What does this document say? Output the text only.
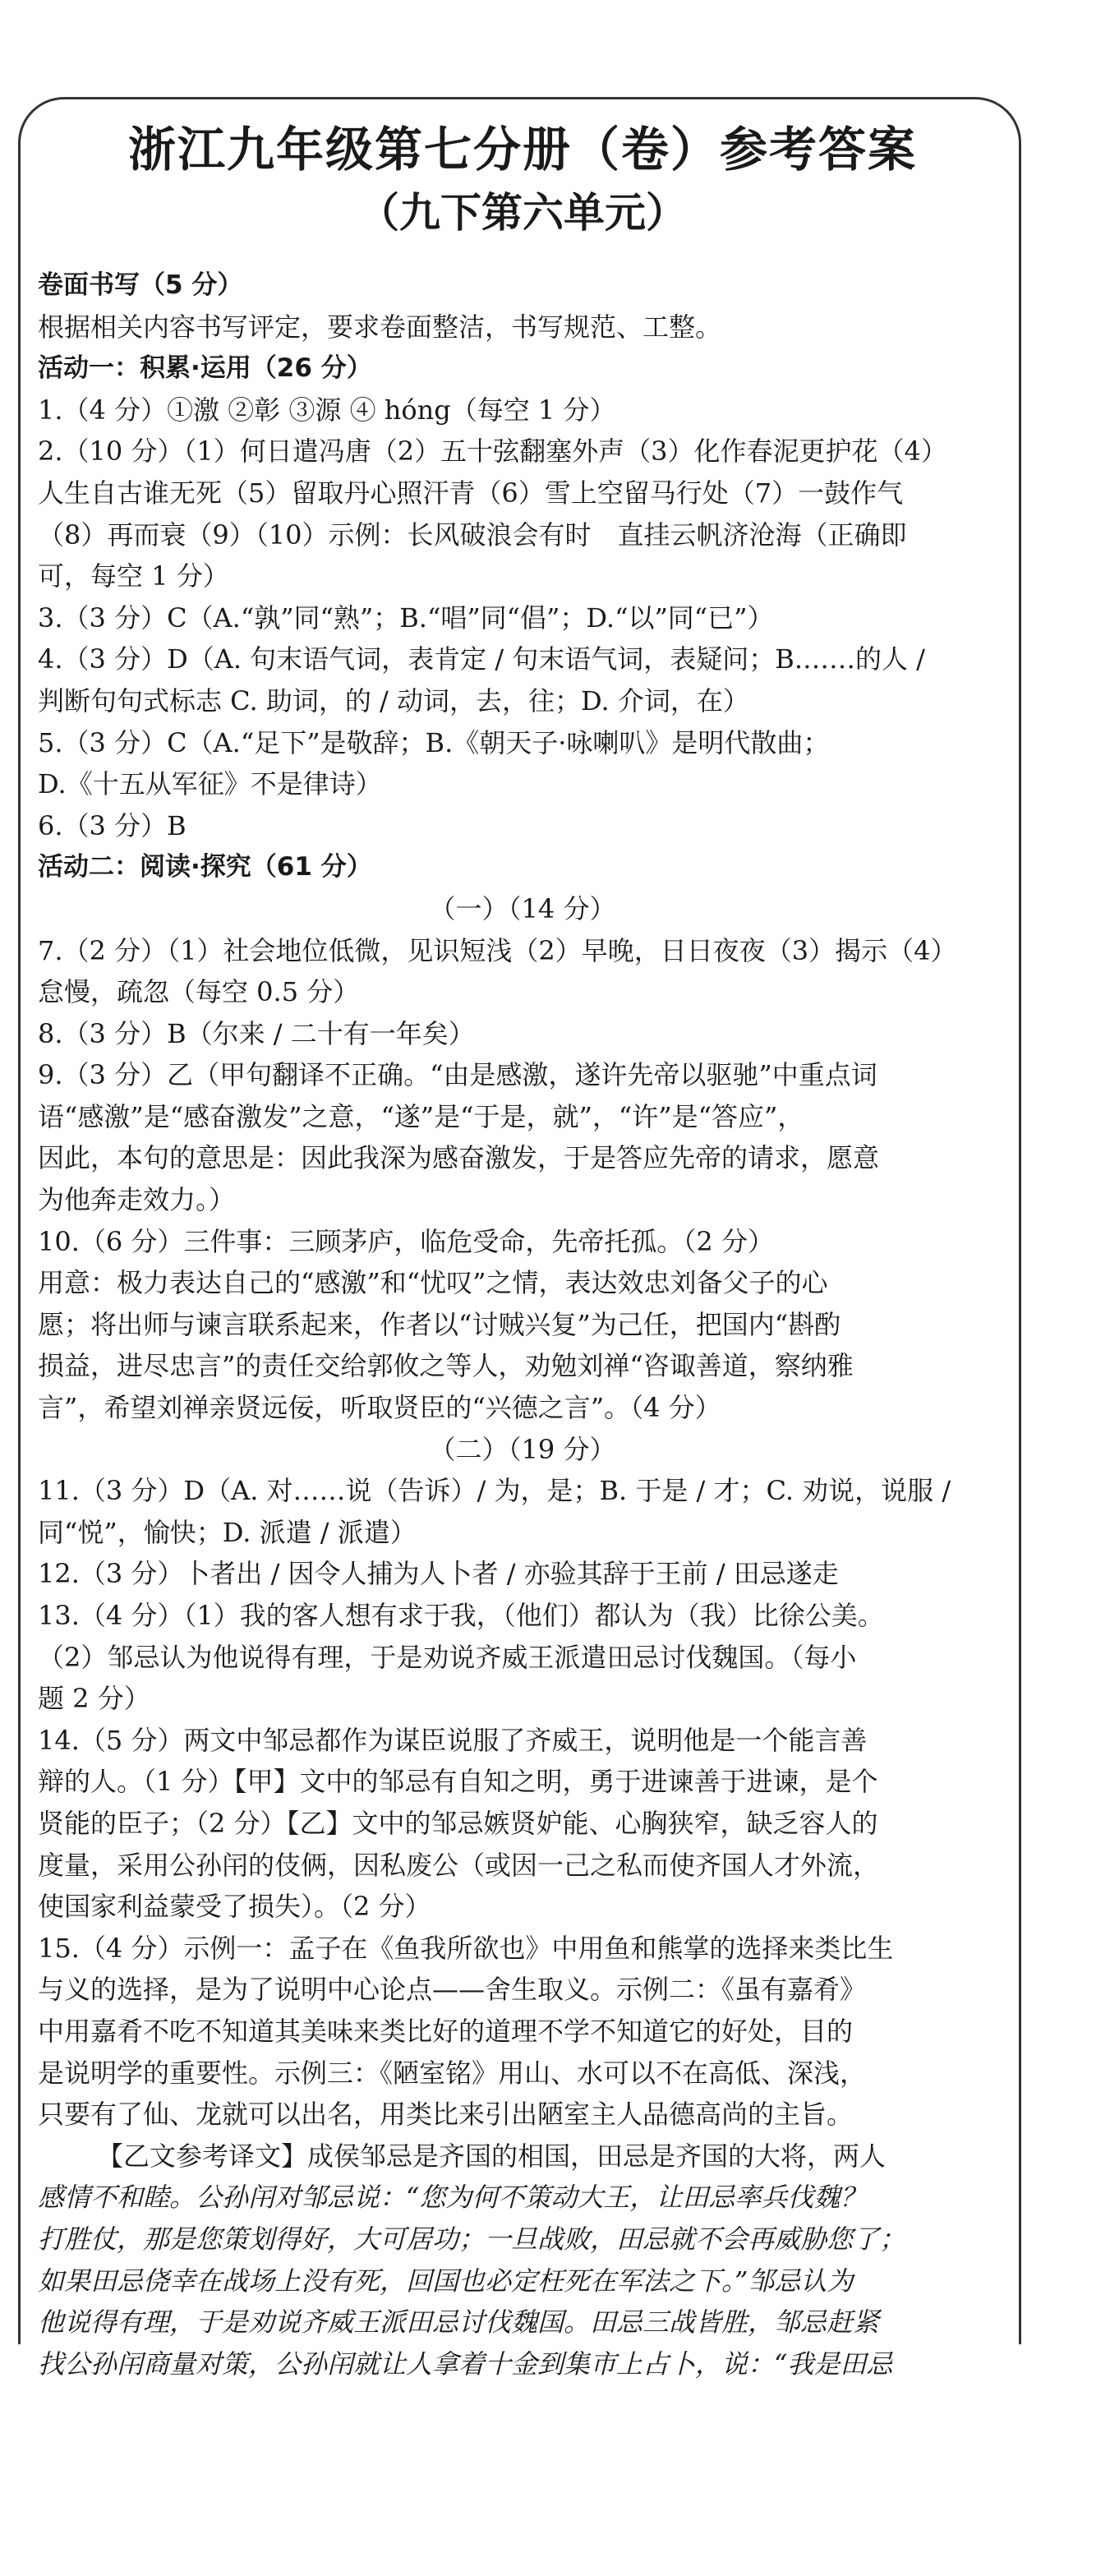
浙江九年级第七分册（卷）参考答案
（九下第六单元）
卷面书写（5 分）
根据相关内容书写评定，要求卷面整洁，书写规范、工整。
活动一：积累·运用（26 分）
1.（4 分）①激 ②彰 ③源 ④ hóng（每空 1 分）
2.（10 分）（1）何日遣冯唐（2）五十弦翻塞外声（3）化作春泥更护花（4）
人生自古谁无死（5）留取丹心照汗青（6）雪上空留马行处（7）一鼓作气
（8）再而衰（9）（10）示例：长风破浪会有时　直挂云帆济沧海（正确即
可，每空 1 分）
3.（3 分）C（A.“孰”同“熟”；B.“唱”同“倡”；D.“以”同“已”）
4.（3 分）D（A. 句末语气词，表肯定 / 句末语气词，表疑问；B.……的人 /
判断句句式标志 C. 助词，的 / 动词，去，往；D. 介词，在）
5.（3 分）C（A.“足下”是敬辞；B.《朝天子·咏喇叭》是明代散曲；
D.《十五从军征》不是律诗）
6.（3 分）B
活动二：阅读·探究（61 分）
（一）（14 分）
7.（2 分）（1）社会地位低微，见识短浅（2）早晚，日日夜夜（3）揭示（4）
怠慢，疏忽（每空 0.5 分）
8.（3 分）B（尔来 / 二十有一年矣）
9.（3 分）乙（甲句翻译不正确。“由是感激，遂许先帝以驱驰”中重点词
语“感激”是“感奋激发”之意，“遂”是“于是，就”，“许”是“答应”，
因此，本句的意思是：因此我深为感奋激发，于是答应先帝的请求，愿意
为他奔走效力。）
10.（6 分）三件事：三顾茅庐，临危受命，先帝托孤。（2 分）
用意：极力表达自己的“感激”和“忧叹”之情，表达效忠刘备父子的心
愿；将出师与谏言联系起来，作者以“讨贼兴复”为己任，把国内“斟酌
损益，进尽忠言”的责任交给郭攸之等人，劝勉刘禅“咨诹善道，察纳雅
言”，希望刘禅亲贤远佞，听取贤臣的“兴德之言”。（4 分）
（二）（19 分）
11.（3 分）D（A. 对……说（告诉）/ 为，是；B. 于是 / 才；C. 劝说，说服 /
同“悦”，愉快；D. 派遣 / 派遣）
12.（3 分）卜者出 / 因令人捕为人卜者 / 亦验其辞于王前 / 田忌遂走
13.（4 分）（1）我的客人想有求于我，（他们）都认为（我）比徐公美。
（2）邹忌认为他说得有理，于是劝说齐威王派遣田忌讨伐魏国。（每小
题 2 分）
14.（5 分）两文中邹忌都作为谋臣说服了齐威王，说明他是一个能言善
辩的人。（1 分）【甲】文中的邹忌有自知之明，勇于进谏善于进谏，是个
贤能的臣子；（2 分）【乙】文中的邹忌嫉贤妒能、心胸狭窄，缺乏容人的
度量，采用公孙闬的伎俩，因私废公（或因一己之私而使齐国人才外流，
使国家利益蒙受了损失）。（2 分）
15.（4 分）示例一：孟子在《鱼我所欲也》中用鱼和熊掌的选择来类比生
与义的选择，是为了说明中心论点——舍生取义。示例二：《虽有嘉肴》
中用嘉肴不吃不知道其美味来类比好的道理不学不知道它的好处，目的
是说明学的重要性。示例三：《陋室铭》用山、水可以不在高低、深浅，
只要有了仙、龙就可以出名，用类比来引出陋室主人品德高尚的主旨。
【乙文参考译文】成侯邹忌是齐国的相国，田忌是齐国的大将，两人
感情不和睦。公孙闬对邹忌说：“您为何不策动大王，让田忌率兵伐魏？
打胜仗，那是您策划得好，大可居功；一旦战败，田忌就不会再威胁您了；
如果田忌侥幸在战场上没有死，回国也必定枉死在军法之下。”邹忌认为
他说得有理，于是劝说齐威王派田忌讨伐魏国。田忌三战皆胜，邹忌赶紧
找公孙闬商量对策，公孙闬就让人拿着十金到集市上占卜，说：“我是田忌
